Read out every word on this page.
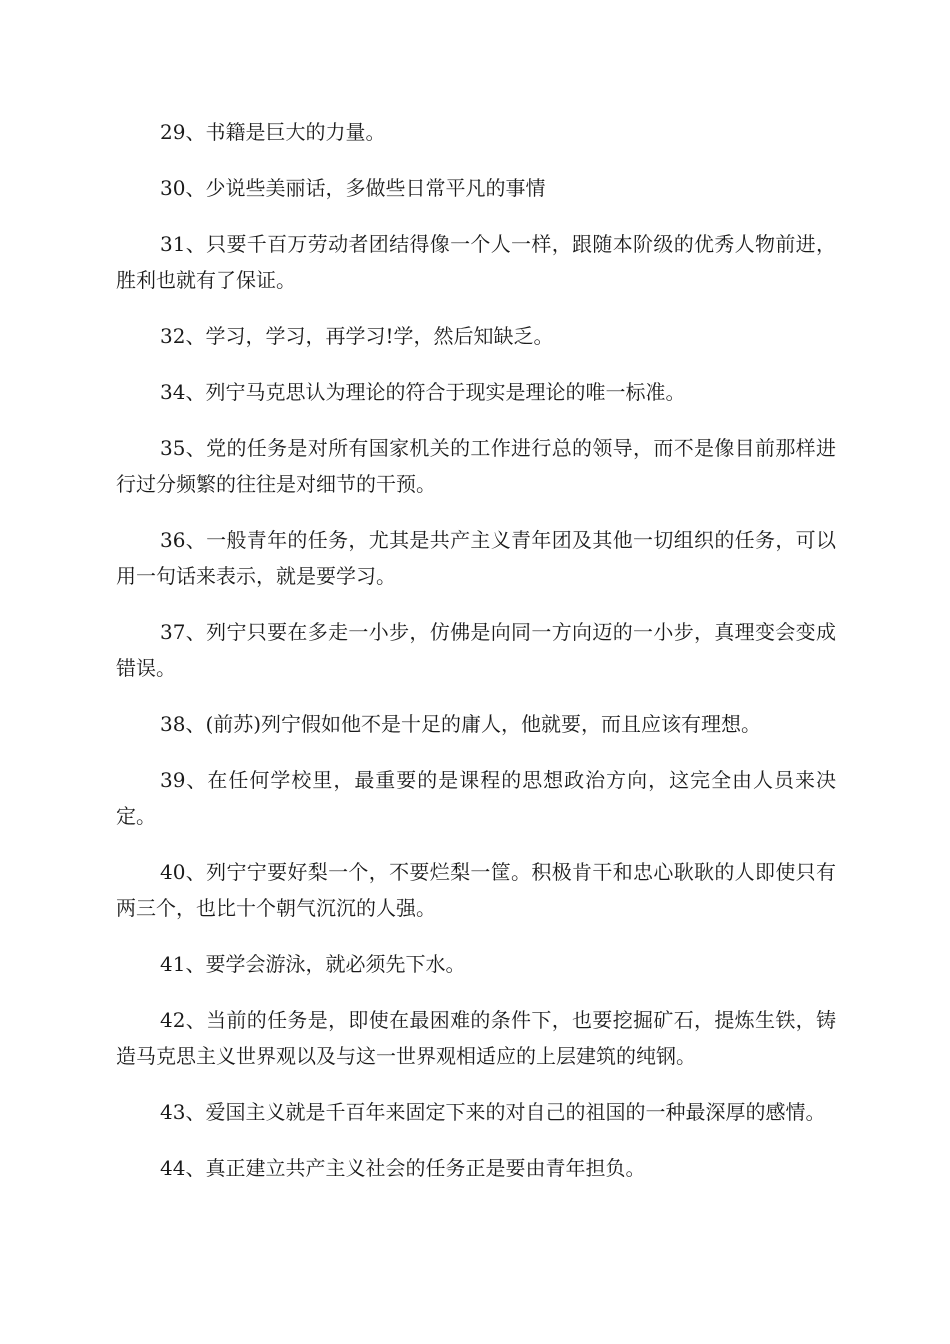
29、书籍是巨大的力量。

30、少说些美丽话，多做些日常平凡的事情

31、只要千百万劳动者团结得像一个人一样，跟随本阶级的优秀人物前进，胜利也就有了保证。

32、学习，学习，再学习!学，然后知缺乏。

34、列宁马克思认为理论的符合于现实是理论的唯一标准。

35、党的任务是对所有国家机关的工作进行总的领导，而不是像目前那样进行过分频繁的往往是对细节的干预。

36、一般青年的任务，尤其是共产主义青年团及其他一切组织的任务，可以用一句话来表示，就是要学习。

37、列宁只要在多走一小步，仿佛是向同一方向迈的一小步，真理变会变成错误。

38、(前苏)列宁假如他不是十足的庸人，他就要，而且应该有理想。

39、在任何学校里，最重要的是课程的思想政治方向，这完全由人员来决定。

40、列宁宁要好梨一个，不要烂梨一筐。积极肯干和忠心耿耿的人即使只有两三个，也比十个朝气沉沉的人强。

41、要学会游泳，就必须先下水。

42、当前的任务是，即使在最困难的条件下，也要挖掘矿石，提炼生铁，铸造马克思主义世界观以及与这一世界观相适应的上层建筑的纯钢。

43、爱国主义就是千百年来固定下来的对自己的祖国的一种最深厚的感情。

44、真正建立共产主义社会的任务正是要由青年担负。
